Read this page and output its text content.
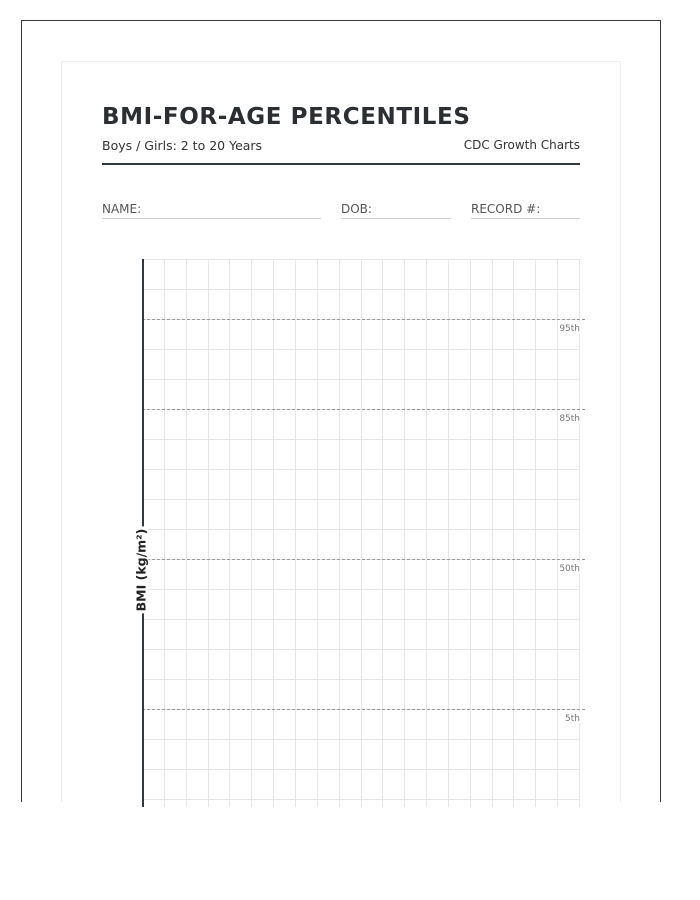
BMI-FOR-AGE PERCENTILES
Boys / Girls: 2 to 20 Years	CDC Growth Charts
NAME:	DOB:	RECORD #:
95th
85th
50th
5th
BMI (kg/m²)
